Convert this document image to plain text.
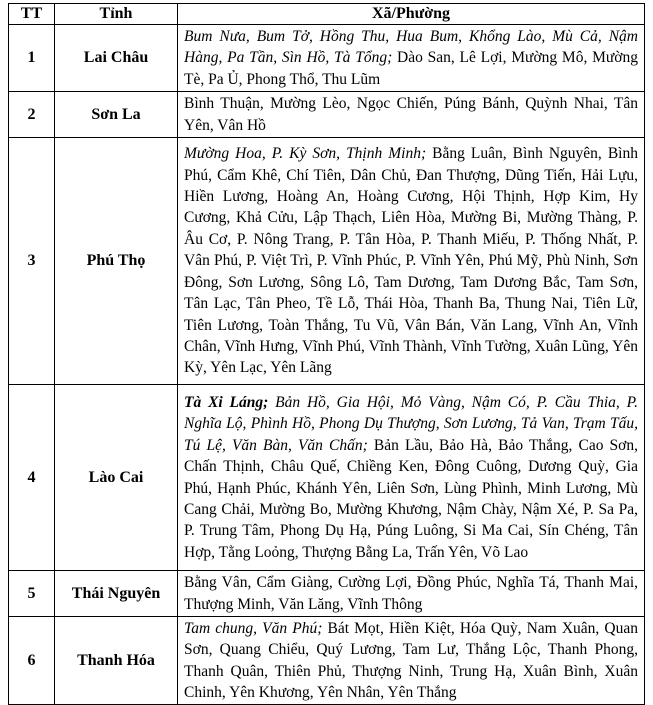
TT	Tỉnh	Xã/Phường
1	Lai Châu	Bum Nưa, Bum Tở, Hồng Thu, Hua Bum, Khổng Lào, Mù Cả, Nậm Hàng, Pa Tần, Sìn Hồ, Tà Tổng; Dào San, Lê Lợi, Mường Mô, Mường Tè, Pa Ủ, Phong Thổ, Thu Lũm
2	Sơn La	Bình Thuận, Mường Lèo, Ngọc Chiến, Púng Bánh, Quỳnh Nhai, Tân Yên, Vân Hồ
3	Phú Thọ	Mường Hoa, P. Kỳ Sơn, Thịnh Minh; Bằng Luân, Bình Nguyên, Bình Phú, Cẩm Khê, Chí Tiên, Dân Chủ, Đan Thượng, Dũng Tiến, Hải Lựu, Hiền Lương, Hoàng An, Hoàng Cương, Hội Thịnh, Hợp Kim, Hy Cương, Khả Cửu, Lập Thạch, Liên Hòa, Mường Bi, Mường Thàng, P. Âu Cơ, P. Nông Trang, P. Tân Hòa, P. Thanh Miếu, P. Thống Nhất, P. Vân Phú, P. Việt Trì, P. Vĩnh Phúc, P. Vĩnh Yên, Phú Mỹ, Phù Ninh, Sơn Đông, Sơn Lương, Sông Lô, Tam Dương, Tam Dương Bắc, Tam Sơn, Tân Lạc, Tân Pheo, Tề Lỗ, Thái Hòa, Thanh Ba, Thung Nai, Tiên Lữ, Tiên Lương, Toàn Thắng, Tu Vũ, Vân Bán, Văn Lang, Vĩnh An, Vĩnh Chân, Vĩnh Hưng, Vĩnh Phú, Vĩnh Thành, Vĩnh Tường, Xuân Lũng, Yên Kỳ, Yên Lạc, Yên Lãng
4	Lào Cai	Tà Xi Láng; Bản Hồ, Gia Hội, Mỏ Vàng, Nậm Có, P. Cầu Thia, P. Nghĩa Lộ, Phình Hồ, Phong Dụ Thượng, Sơn Lương, Tả Van, Trạm Tấu, Tú Lệ, Văn Bàn, Văn Chấn; Bản Lầu, Bảo Hà, Bảo Thắng, Cao Sơn, Chấn Thịnh, Châu Quế, Chiềng Ken, Đông Cuông, Dương Quỳ, Gia Phú, Hạnh Phúc, Khánh Yên, Liên Sơn, Lùng Phình, Minh Lương, Mù Cang Chải, Mường Bo, Mường Khương, Nậm Chày, Nậm Xé, P. Sa Pa, P. Trung Tâm, Phong Dụ Hạ, Púng Luông, Si Ma Cai, Sín Chéng, Tân Hợp, Tằng Loỏng, Thượng Bằng La, Trấn Yên, Võ Lao
5	Thái Nguyên	Bằng Vân, Cẩm Giàng, Cường Lợi, Đồng Phúc, Nghĩa Tá, Thanh Mai, Thượng Minh, Văn Lăng, Vĩnh Thông
6	Thanh Hóa	Tam chung, Văn Phú; Bát Mọt, Hiền Kiệt, Hóa Quỳ, Nam Xuân, Quan Sơn, Quang Chiểu, Quý Lương, Tam Lư, Thắng Lộc, Thanh Phong, Thanh Quân, Thiên Phủ, Thượng Ninh, Trung Hạ, Xuân Bình, Xuân Chinh, Yên Khương, Yên Nhân, Yên Thắng
